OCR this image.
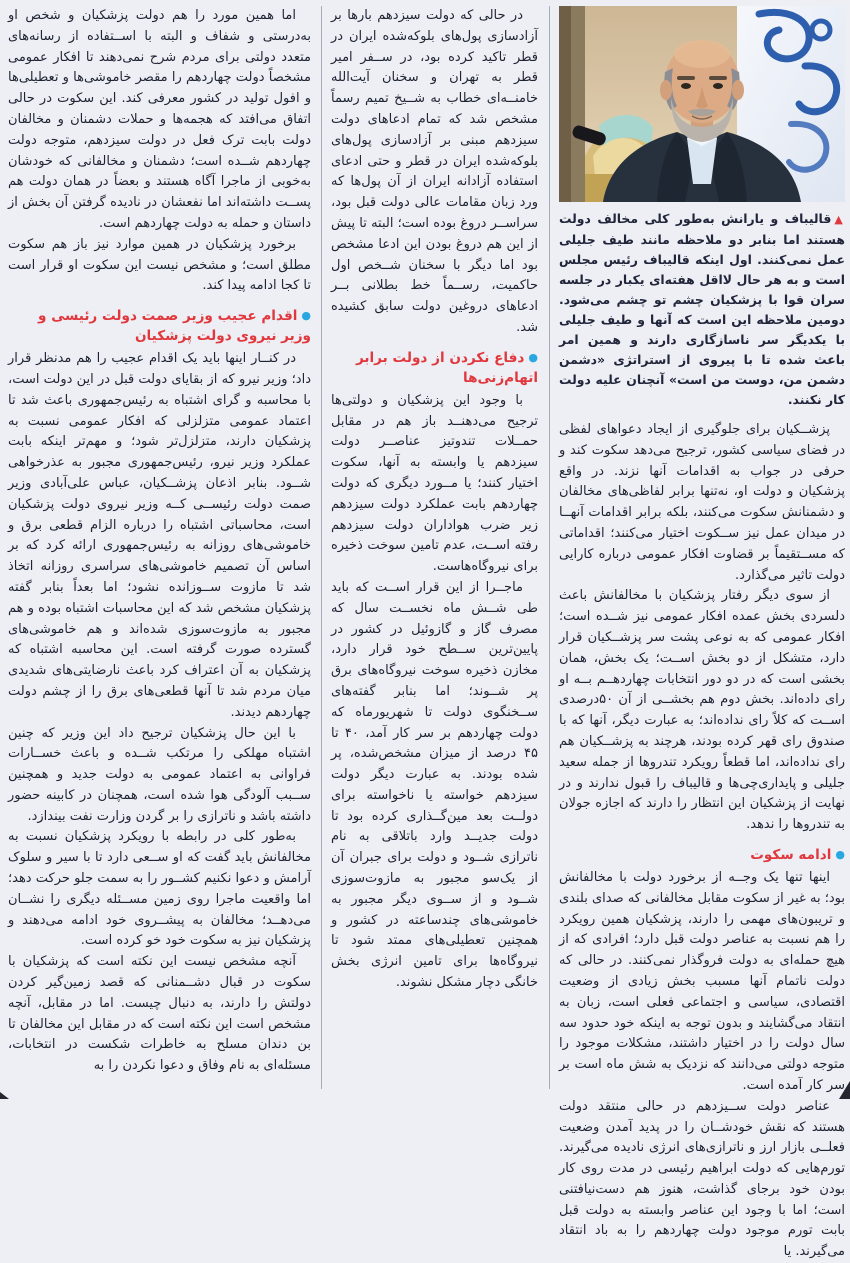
▲قالیباف و یارانش به‌طور کلی مخالف دولت هستند اما بنابر دو ملاحظه مانند طیف جلیلی عمل نمی‌کنند. اول اینکه قالیباف رئیس مجلس است و به هر حال لااقل هفته‌ای یکبار در جلسه سران قوا با پزشکیان چشم تو چشم می‌شود. دومین ملاحظه این است که آنها و طیف جلیلی با یکدیگر سر ناسازگاری دارند و همین امر باعث شده تا با پیروی از استراتژی «دشمن دشمن من، دوست من است» آنچنان علیه دولت کار نکنند.

پزشــکیان برای جلوگیری از ایجاد دعواهای لفظی در فضای سیاسی کشور، ترجیح می‌دهد سکوت کند و حرفی در جواب به اقدامات آنها نزند. در واقع پزشکیان و دولت او، نه‌تنها برابر لفاظی‌های مخالفان و دشمنانش سکوت می‌کنند، بلکه برابر اقدامات آنهــا در میدان عمل نیز ســکوت اختیار می‌کنند؛ اقداماتی که مســتقیماً بر قضاوت افکار عمومی درباره کارایی دولت تاثیر می‌گذارد.

از سوی دیگر رفتار پزشکیان با مخالفانش باعث دلسردی بخش عمده افکار عمومی نیز شــده است؛ افکار عمومی که به نوعی پشت سر پزشــکیان قرار دارد، متشکل از دو بخش اســت؛ یک بخش، همان بخشی است که در دو دور انتخابات چهاردهــم بــه او رای داده‌اند. بخش دوم هم بخشــی از آن ۵۰درصدی اســت که کلاً رای نداده‌اند؛ به عبارت دیگر، آنها که با صندوق رای قهر کرده بودند، هرچند به پزشــکیان هم رای نداده‌اند، اما قطعاً رویکرد تندروها از جمله سعید جلیلی و پایداری‌چی‌ها و قالیباف را قبول ندارند و در نهایت از پزشکیان این انتظار را دارند که اجازه جولان به تندروها را ندهد.

●ادامه سکوت

اینها تنها یک وجــه از برخورد دولت با مخالفانش بود؛ به غیر از سکوت مقابل مخالفانی که صدای بلندی و تریبون‌های مهمی را دارند، پزشکیان همین رویکرد را هم نسبت به عناصر دولت قبل دارد؛ افرادی که از هیچ حمله‌ای به دولت فروگذار نمی‌کنند. در حالی که دولت ناتمام آنها مسبب بخش زیادی از وضعیت اقتصادی، سیاسی و اجتماعی فعلی است، زبان به انتقاد می‌گشایند و بدون توجه به اینکه خود حدود سه سال دولت را در اختیار داشتند، مشکلات موجود را متوجه دولتی می‌دانند که نزدیک به شش ماه است بر سر کار آمده است.

عناصر دولت ســیزدهم در حالی منتقد دولت هستند که نقش خودشــان را در پدید آمدن وضعیت فعلــی بازار ارز و ناترازی‌های انرژی نادیده می‌گیرند. تورم‌هایی که دولت ابراهیم رئیسی در مدت روی کار بودن خود برجای گذاشت، هنوز هم دست‌نیافتنی است؛ اما با وجود این عناصر وابسته به دولت قبل بابت تورم موجود دولت چهاردهم را به باد انتقاد می‌گیرند. یا

در حالی که دولت سیزدهم بارها بر آزادسازی پول‌های بلوکه‌شده ایران در قطر تاکید کرده بود، در ســفر امیر قطر به تهران و سخنان آیت‌الله خامنــه‌ای خطاب به شــیخ تمیم رسماً مشخص شد که تمام ادعاهای دولت سیزدهم مبنی بر آزادسازی پول‌های بلوکه‌شده ایران در قطر و حتی ادعای استفاده آزادانه ایران از آن پول‌ها که ورد زبان مقامات عالی دولت قبل بود، سراســر دروغ بوده است؛ البته تا پیش از این هم دروغ بودن این ادعا مشخص بود اما دیگر با سخنان شــخص اول حاکمیت، رســماً خط بطلانی بــر ادعاهای دروغین دولت سابق کشیده شد.

●دفاع نکردن از دولت برابر اتهام‌زنی‌ها

با وجود این پزشکیان و دولتی‌ها ترجیح می‌دهنــد باز هم در مقابل حمــلات تندوتیز عناصــر دولت سیزدهم یا وابسته به آنها، سکوت اختیار کنند؛ یا مــورد دیگری که دولت چهاردهم بابت عملکرد دولت سیزدهم زیر ضرب هواداران دولت سیزدهم رفته اســت، عدم تامین سوخت ذخیره برای نیروگاه‌هاست.

ماجــرا از این قرار اســت که باید طی شــش ماه نخســت سال که مصرف گاز و گازوئیل در کشور در پایین‌ترین ســطح خود قرار دارد، مخازن ذخیره سوخت نیروگاه‌های برق پر شــوند؛ اما بنابر گفته‌های ســخنگوی دولت تا شهریورماه که دولت چهاردهم بر سر کار آمد، ۴۰ تا ۴۵ درصد از میزان مشخص‌شده، پر شده بودند. به عبارت دیگر دولت سیزدهم خواسته یا ناخواسته برای دولــت بعد مین‌گــذاری کرده بود تا دولت جدیــد وارد باتلاقی به نام ناترازی شــود و دولت برای جبران آن از یک‌سو مجبور به مازوت‌سوزی شــود و از ســوی دیگر مجبور به خاموشی‌های چندساعته در کشور و همچنین تعطیلی‌های ممتد شود تا نیروگاه‌ها برای تامین انرژی بخش خانگی دچار مشکل نشوند.

اما همین مورد را هم دولت پزشکیان و شخص او به‌درستی و شفاف و البته با اســتفاده از رسانه‌های متعدد دولتی برای مردم شرح نمی‌دهند تا افکار عمومی مشخصاً دولت چهاردهم را مقصر خاموشی‌ها و تعطیلی‌ها و افول تولید در کشور معرفی کند. این سکوت در حالی اتفاق می‌افتد که هجمه‌ها و حملات دشمنان و مخالفان دولت بابت ترک فعل در دولت سیزدهم، متوجه دولت چهاردهم شــده است؛ دشمنان و مخالفانی که خودشان به‌خوبی از ماجرا آگاه هستند و بعضاً در همان دولت هم پســت داشته‌اند اما نفعشان در نادیده گرفتن آن بخش از داستان و حمله به دولت چهاردهم است.

برخورد پزشکیان در همین موارد نیز باز هم سکوت مطلق است؛ و مشخص نیست این سکوت او قرار است تا کجا ادامه پیدا کند.

●اقدام عجیب وزیر صمت دولت رئیسی و وزیر نیروی دولت پزشکیان

در کنــار اینها باید یک اقدام عجیب را هم مدنظر قرار داد؛ وزیر نیرو که از بقایای دولت قبل در این دولت است، با محاسبه و گرای اشتباه به رئیس‌جمهوری باعث شد تا اعتماد عمومی متزلزلی که افکار عمومی نسبت به پزشکیان دارند، متزلزل‌تر شود؛ و مهم‌تر اینکه بابت عملکرد وزیر نیرو، رئیس‌جمهوری مجبور به عذرخواهی شــود. بنابر اذعان پزشــکیان، عباس علی‌آبادی وزیر صمت دولت رئیســی کــه وزیر نیروی دولت پزشکیان است، محاسباتی اشتباه را درباره الزام قطعی برق و خاموشی‌های روزانه به رئیس‌جمهوری ارائه کرد که بر اساس آن تصمیم خاموشی‌های سراسری روزانه اتخاذ شد تا مازوت ســوزانده نشود؛ اما بعداً بنابر گفته پزشکیان مشخص شد که این محاسبات اشتباه بوده و هم مجبور به مازوت‌سوزی شده‌اند و هم خاموشی‌های گسترده صورت گرفته است. این محاسبه اشتباه که پزشکیان به آن اعتراف کرد باعث نارضایتی‌های شدیدی میان مردم شد تا آنها قطعی‌های برق را از چشم دولت چهاردهم دیدند.

با این حال پزشکیان ترجیح داد این وزیر که چنین اشتباه مهلکی را مرتکب شــده و باعث خســارات فراوانی به اعتماد عمومی به دولت جدید و همچنین ســبب آلودگی هوا شده است، همچنان در کابینه حضور داشته باشد و ناترازی را بر گردن وزارت نفت بیندازد.

به‌طور کلی در رابطه با رویکرد پزشکیان نسبت به مخالفانش باید گفت که او ســعی دارد تا با سیر و سلوک آرامش و دعوا نکنیم کشــور را به سمت جلو حرکت دهد؛ اما واقعیت ماجرا روی زمین مســئله دیگری را نشــان می‌دهــد؛ مخالفان به پیشــروی خود ادامه می‌دهند و پزشکیان نیز به سکوت خود خو کرده است.

آنچه مشخص نیست این نکته است که پزشکیان با سکوت در قبال دشــمنانی که قصد زمین‌گیر کردن دولتش را دارند، به دنبال چیست. اما در مقابل، آنچه مشخص است این نکته است که در مقابل این مخالفان تا بن دندان مسلح به خاطرات شکست در انتخابات، مسئله‌ای به نام وفاق و دعوا نکردن را به
